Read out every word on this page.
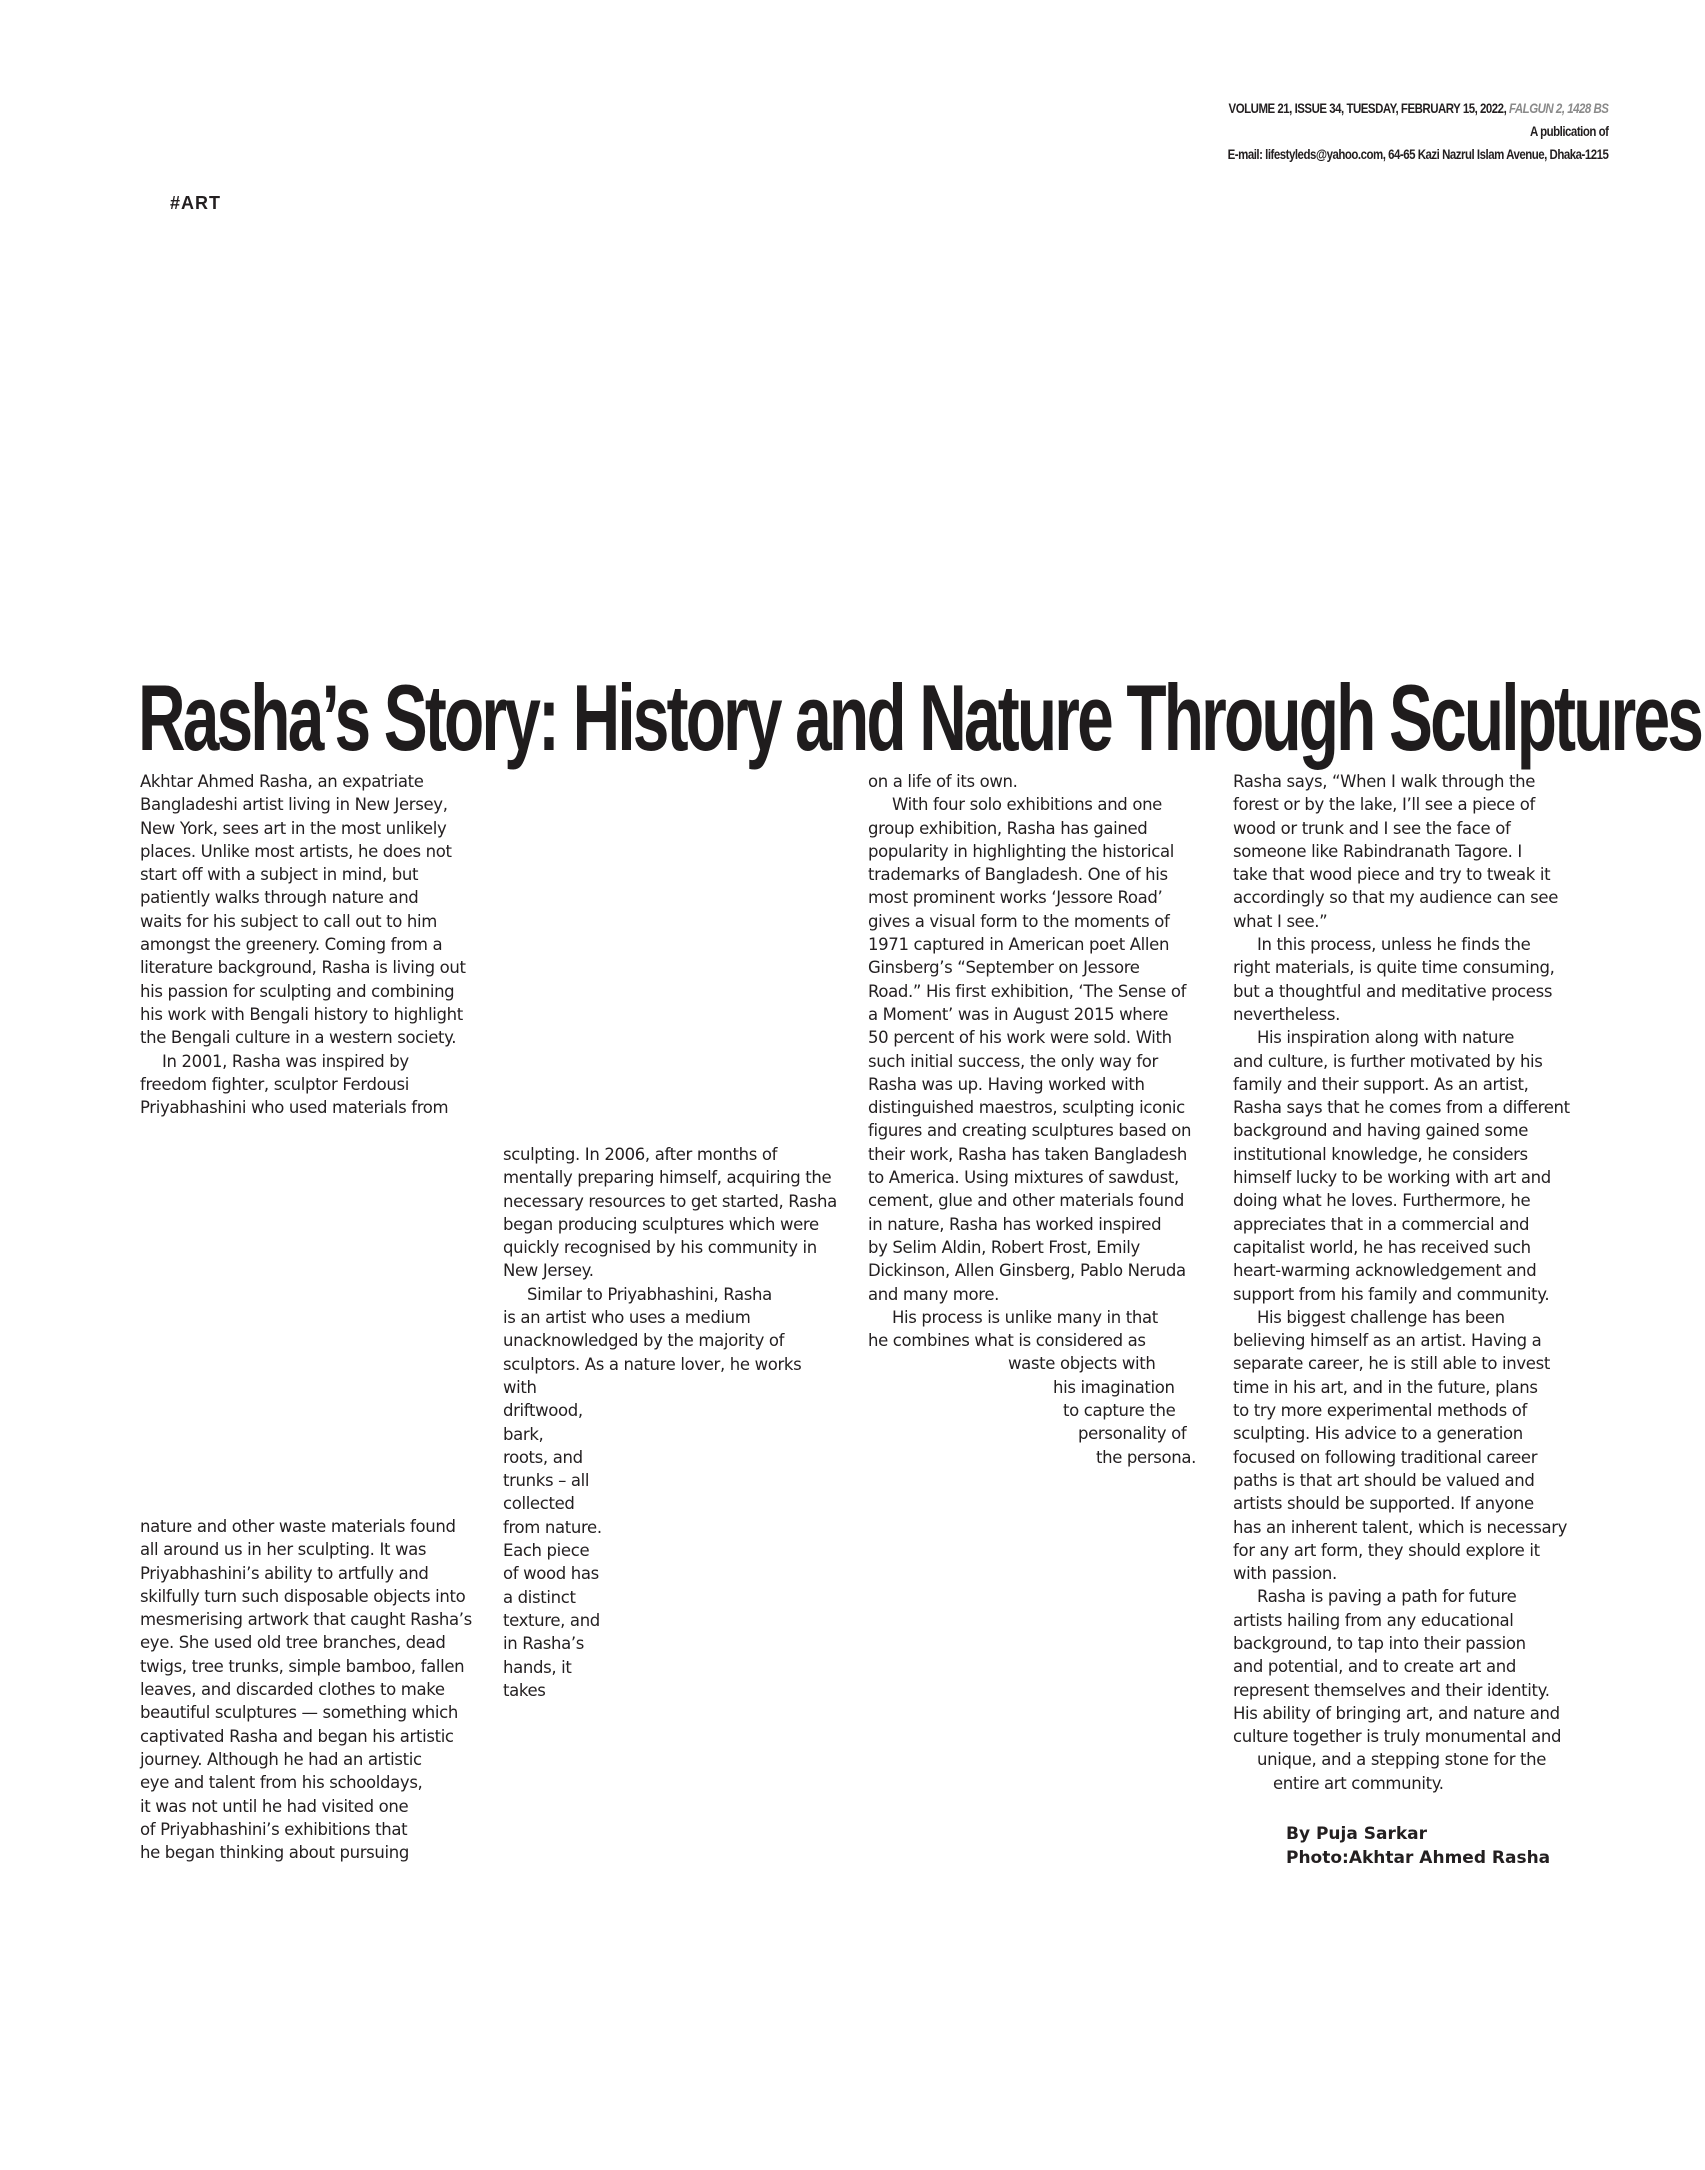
VOLUME 21, ISSUE 34, TUESDAY, FEBRUARY 15, 2022, FALGUN 2, 1428 BS
A publication of
E-mail: lifestyleds@yahoo.com, 64-65 Kazi Nazrul Islam Avenue, Dhaka-1215
#ART
Rasha’s Story: History and Nature Through Sculptures

Akhtar Ahmed Rasha, an expatriate

Bangladeshi artist living in New Jersey,

New York, sees art in the most unlikely

places. Unlike most artists, he does not

start off with a subject in mind, but

patiently walks through nature and

waits for his subject to call out to him

amongst the greenery. Coming from a

literature background, Rasha is living out

his passion for sculpting and combining

his work with Bengali history to highlight

the Bengali culture in a western society.

In 2001, Rasha was inspired by

freedom fighter, sculptor Ferdousi

Priyabhashini who used materials from

nature and other waste materials found

all around us in her sculpting. It was

Priyabhashini’s ability to artfully and

skilfully turn such disposable objects into

mesmerising artwork that caught Rasha’s

eye. She used old tree branches, dead

twigs, tree trunks, simple bamboo, fallen

leaves, and discarded clothes to make

beautiful sculptures — something which

captivated Rasha and began his artistic

journey. Although he had an artistic

eye and talent from his schooldays,

it was not until he had visited one

of Priyabhashini’s exhibitions that

he began thinking about pursuing

sculpting. In 2006, after months of

mentally preparing himself, acquiring the

necessary resources to get started, Rasha

began producing sculptures which were

quickly recognised by his community in

New Jersey.

Similar to Priyabhashini, Rasha

is an artist who uses a medium

unacknowledged by the majority of

sculptors. As a nature lover, he works

with

driftwood,

bark,

roots, and

trunks – all

collected

from nature.

Each piece

of wood has

a distinct

texture, and

in Rasha’s

hands, it

takes

on a life of its own.

With four solo exhibitions and one

group exhibition, Rasha has gained

popularity in highlighting the historical

trademarks of Bangladesh. One of his

most prominent works ‘Jessore Road’

gives a visual form to the moments of

1971 captured in American poet Allen

Ginsberg’s “September on Jessore

Road.” His first exhibition, ‘The Sense of

a Moment’ was in August 2015 where

50 percent of his work were sold. With

such initial success, the only way for

Rasha was up. Having worked with

distinguished maestros, sculpting iconic

figures and creating sculptures based on

their work, Rasha has taken Bangladesh

to America. Using mixtures of sawdust,

cement, glue and other materials found

in nature, Rasha has worked inspired

by Selim Aldin, Robert Frost, Emily

Dickinson, Allen Ginsberg, Pablo Neruda

and many more.

His process is unlike many in that

he combines what is considered as

waste objects with

his imagination

to capture the

personality of

the persona.

Rasha says, “When I walk through the

forest or by the lake, I’ll see a piece of

wood or trunk and I see the face of

someone like Rabindranath Tagore. I

take that wood piece and try to tweak it

accordingly so that my audience can see

what I see.”

In this process, unless he finds the

right materials, is quite time consuming,

but a thoughtful and meditative process

nevertheless.

His inspiration along with nature

and culture, is further motivated by his

family and their support. As an artist,

Rasha says that he comes from a different

background and having gained some

institutional knowledge, he considers

himself lucky to be working with art and

doing what he loves. Furthermore, he

appreciates that in a commercial and

capitalist world, he has received such

heart-warming acknowledgement and

support from his family and community.

His biggest challenge has been

believing himself as an artist. Having a

separate career, he is still able to invest

time in his art, and in the future, plans

to try more experimental methods of

sculpting. His advice to a generation

focused on following traditional career

paths is that art should be valued and

artists should be supported. If anyone

has an inherent talent, which is necessary

for any art form, they should explore it

with passion.

Rasha is paving a path for future

artists hailing from any educational

background, to tap into their passion

and potential, and to create art and

represent themselves and their identity.

His ability of bringing art, and nature and

culture together is truly monumental and

unique, and a stepping stone for the

entire art community.

By Puja Sarkar
Photo:Akhtar Ahmed Rasha
